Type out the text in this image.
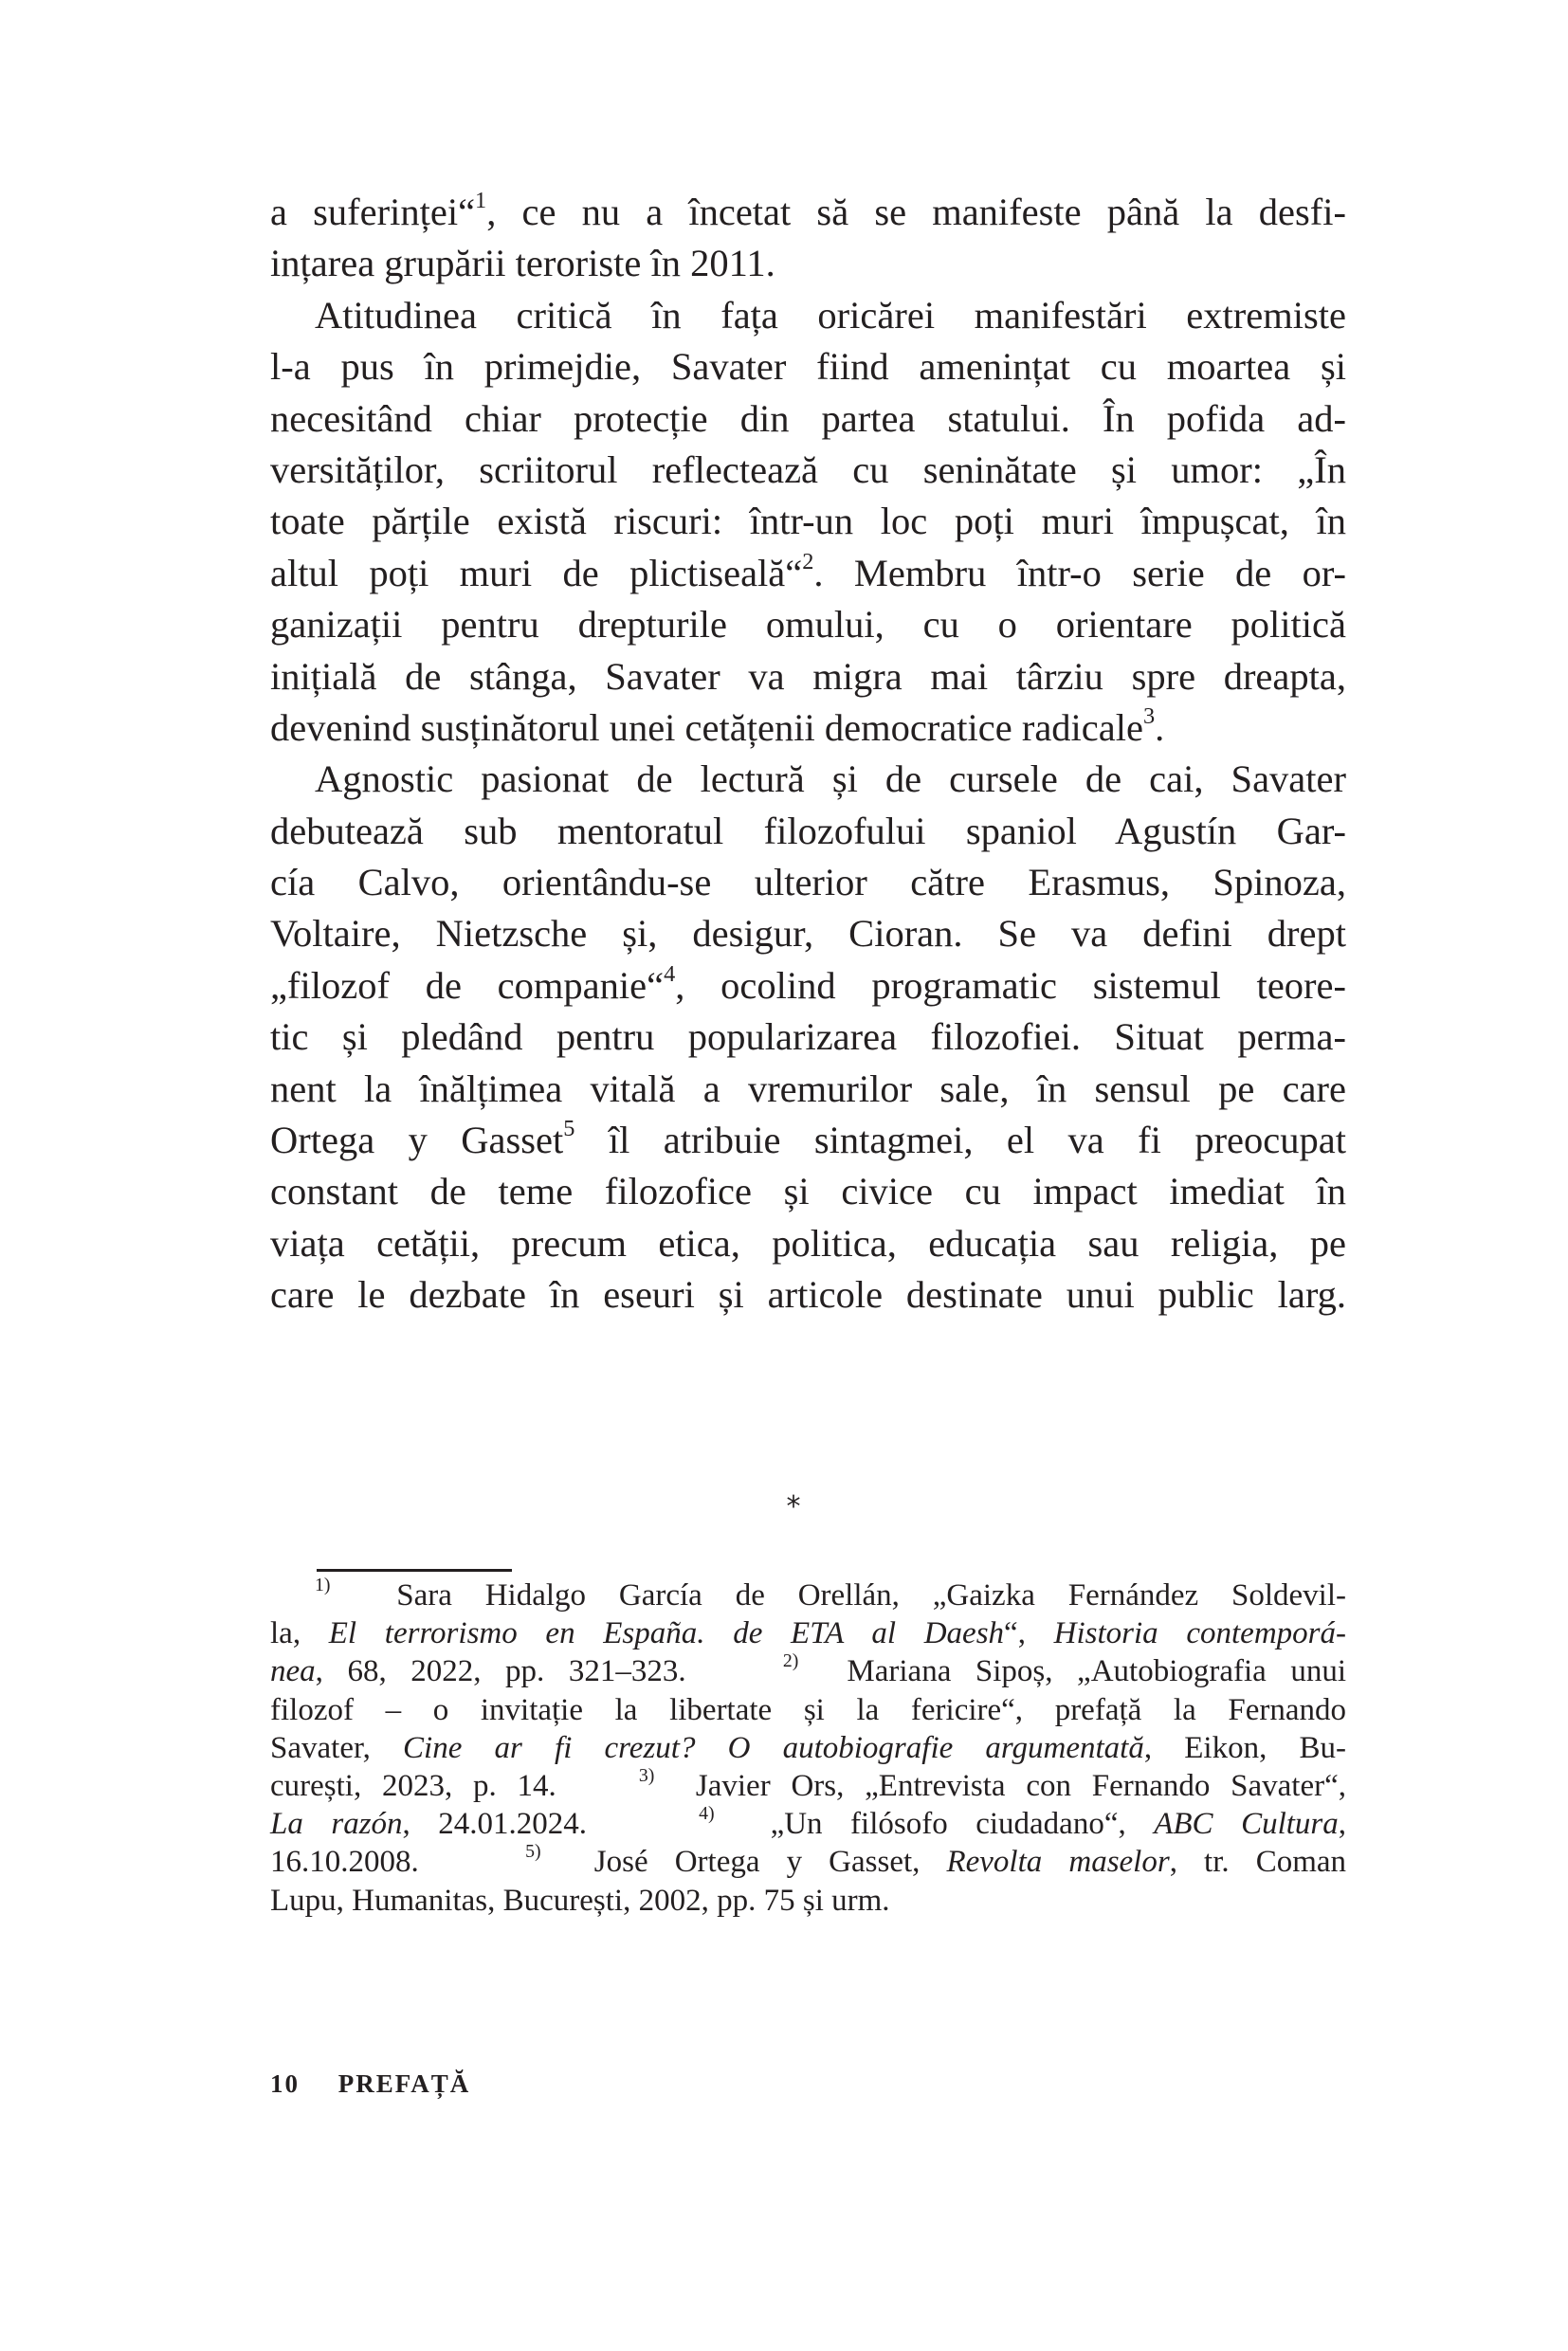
a suferinței“$^1$, ce nu a încetat să se manifeste până la desfi-
ințarea grupării teroriste în 2011.
Atitudinea critică în fața oricărei manifestări extremiste
l-a pus în primejdie, Savater fiind amenințat cu moartea și
necesitând chiar protecție din partea statului. În pofida ad-
versităților, scriitorul reflectează cu seninătate și umor: „În
toate părțile există riscuri: într-un loc poți muri împușcat, în
altul poți muri de plictiseală“$^2$. Membru într-o serie de or-
ganizații pentru drepturile omului, cu o orientare politică
inițială de stânga, Savater va migra mai târziu spre dreapta,
devenind susținătorul unei cetățenii democratice radicale$^3$.
Agnostic pasionat de lectură și de cursele de cai, Savater
debutează sub mentoratul filozofului spaniol Agustín Gar-
cía Calvo, orientându-se ulterior către Erasmus, Spinoza,
Voltaire, Nietzsche și, desigur, Cioran. Se va defini drept
„filozof de companie“$^4$, ocolind programatic sistemul teore-
tic și pledând pentru popularizarea filozofiei. Situat perma-
nent la înălțimea vitală a vremurilor sale, în sensul pe care
Ortega y Gasset$^5$ îl atribuie sintagmei, el va fi preocupat
constant de teme filozofice și civice cu impact imediat în
viața cetății, precum etica, politica, educația sau religia, pe
care le dezbate în eseuri și articole destinate unui public larg.
*
$^{1)}$ Sara Hidalgo García de Orellán, „Gaizka Fernández Soldevil-
la, El terrorismo en España. de ETA al Daesh“, Historia contemporá-
nea, 68, 2022, pp. 321–323.	$^{2)}$ Mariana Sipoș, „Autobiografia unui
filozof – o invitație la libertate și la fericire“, prefață la Fernando
Savater, Cine ar fi crezut? O autobiografie argumentată, Eikon, Bu-
curești, 2023, p. 14.	$^{3)}$ Javier Ors, „Entrevista con Fernando Savater“,
La razón, 24.01.2024.	$^{4)}$ „Un filósofo ciudadano“, ABC Cultura,
16.10.2008.	$^{5)}$ José Ortega y Gasset, Revolta maselor, tr. Coman
Lupu, Humanitas, București, 2002, pp. 75 și urm.
10 PREFAȚĂ
